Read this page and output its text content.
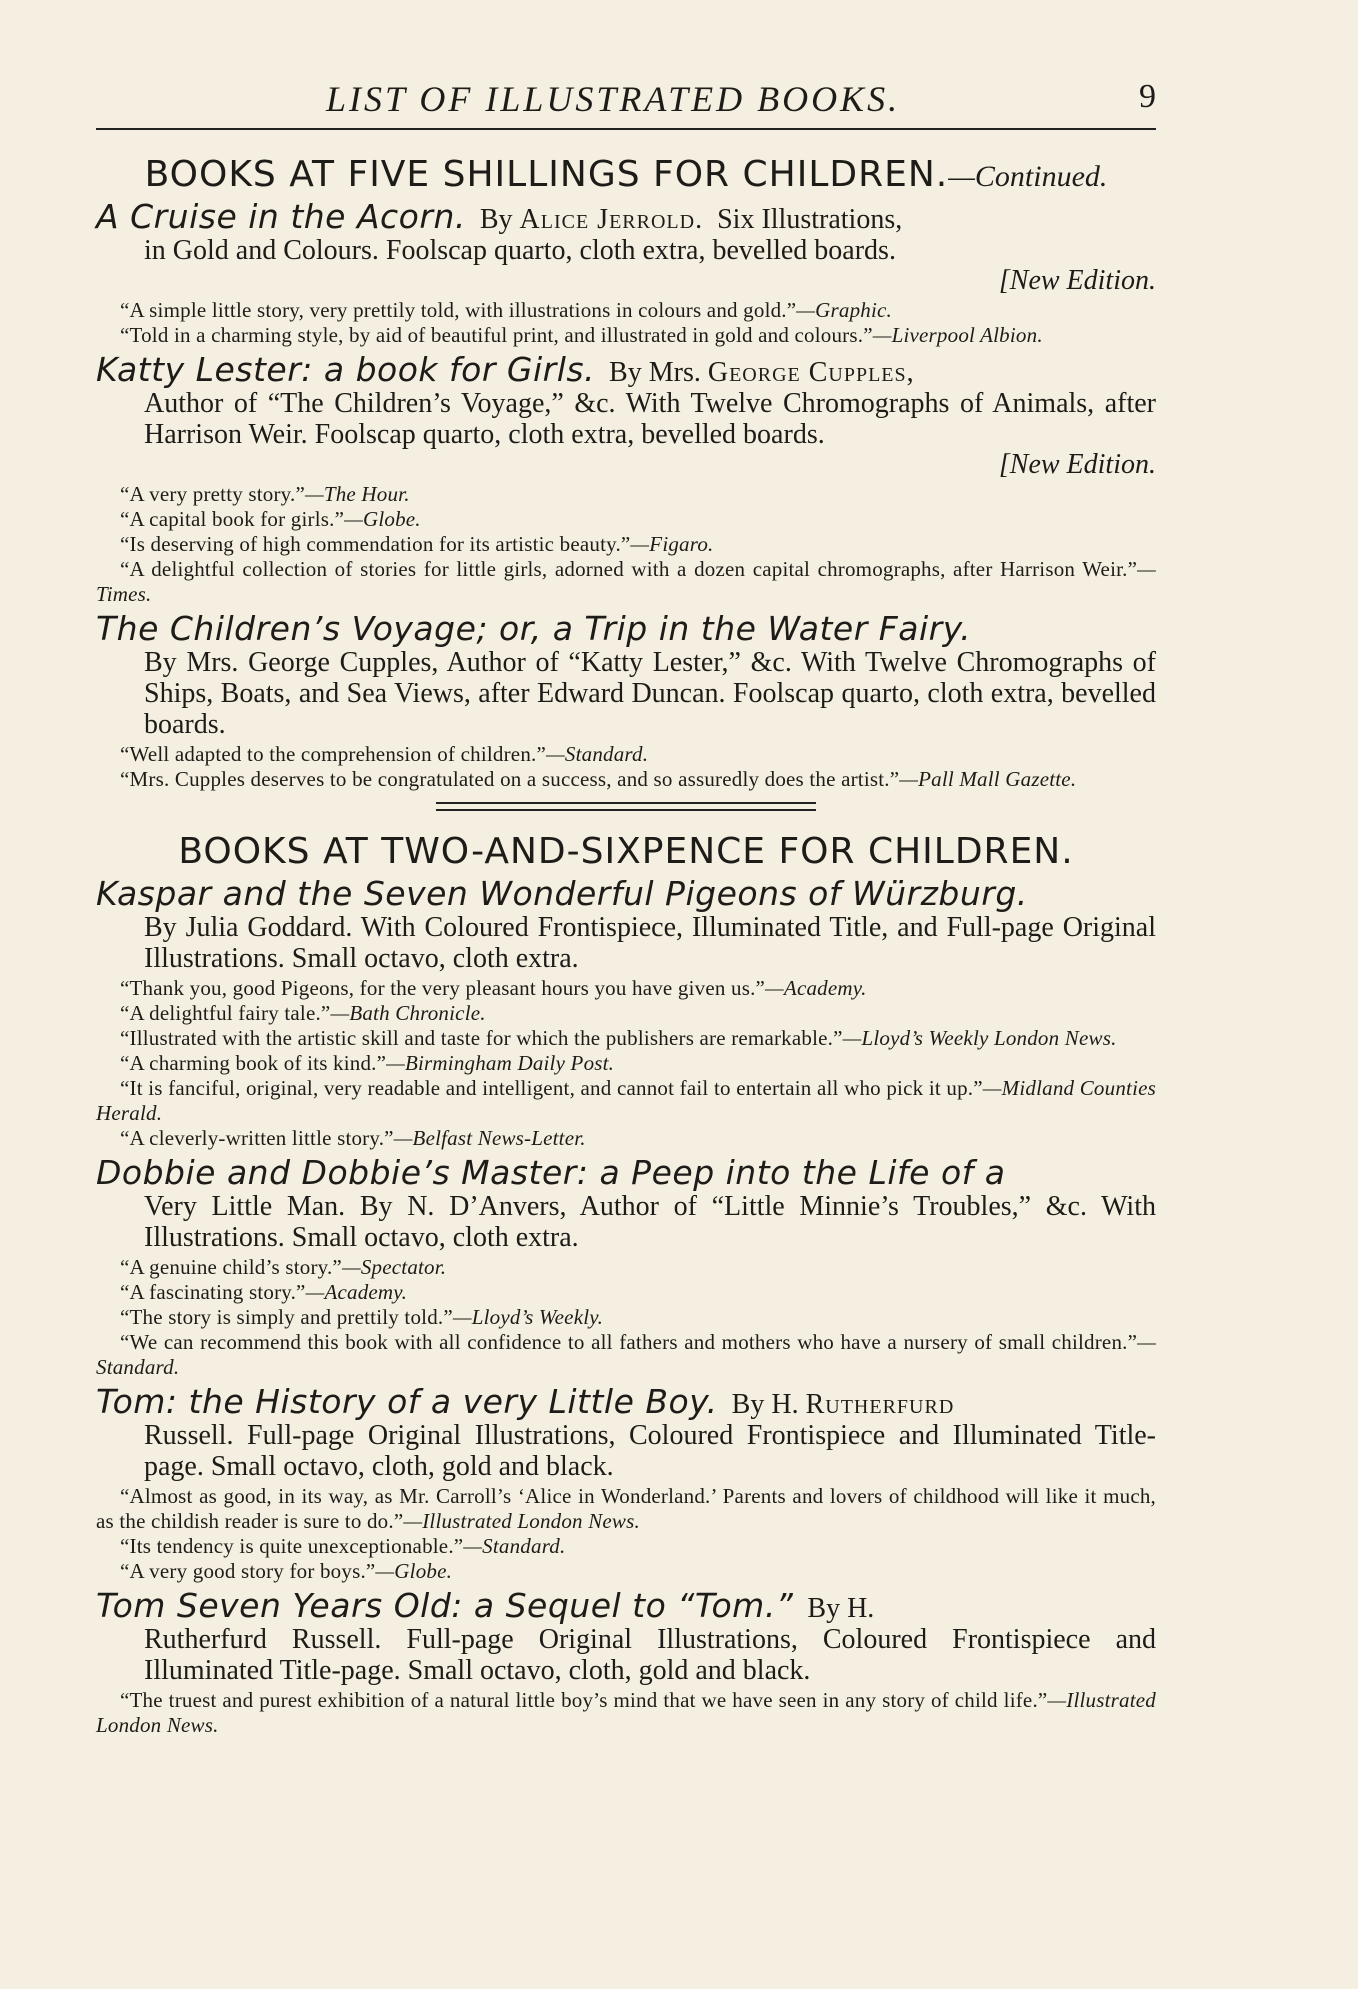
LIST OF ILLUSTRATED BOOKS.	9
BOOKS AT FIVE SHILLINGS FOR CHILDREN.—Continued.
A Cruise in the Acorn. By Alice Jerrold. Six Illustrations,
in Gold and Colours. Foolscap quarto, cloth extra, bevelled boards.
[New Edition.

“A simple little story, very prettily told, with illustrations in colours and gold.”—Graphic.

“Told in a charming style, by aid of beautiful print, and illustrated in gold and colours.”—Liverpool Albion.

Katty Lester: a book for Girls. By Mrs. George Cupples,
Author of “The Children’s Voyage,” &c. With Twelve Chromographs of Animals, after Harrison Weir. Foolscap quarto, cloth extra, bevelled boards.
[New Edition.

“A very pretty story.”—The Hour.

“A capital book for girls.”—Globe.

“Is deserving of high commendation for its artistic beauty.”—Figaro.

“A delightful collection of stories for little girls, adorned with a dozen capital chromographs, after Harrison Weir.”—Times.

The Children’s Voyage; or, a Trip in the Water Fairy.
By Mrs. George Cupples, Author of “Katty Lester,” &c. With Twelve Chromographs of Ships, Boats, and Sea Views, after Edward Duncan. Foolscap quarto, cloth extra, bevelled boards.

“Well adapted to the comprehension of children.”—Standard.

“Mrs. Cupples deserves to be congratulated on a success, and so assuredly does the artist.”—Pall Mall Gazette.

BOOKS AT TWO-AND-SIXPENCE FOR CHILDREN.
Kaspar and the Seven Wonderful Pigeons of Würzburg.
By Julia Goddard. With Coloured Frontispiece, Illuminated Title, and Full-page Original Illustrations. Small octavo, cloth extra.

“Thank you, good Pigeons, for the very pleasant hours you have given us.”—Academy.

“A delightful fairy tale.”—Bath Chronicle.

“Illustrated with the artistic skill and taste for which the publishers are remarkable.”—Lloyd’s Weekly London News.

“A charming book of its kind.”—Birmingham Daily Post.

“It is fanciful, original, very readable and intelligent, and cannot fail to entertain all who pick it up.”—Midland Counties Herald.

“A cleverly-written little story.”—Belfast News-Letter.

Dobbie and Dobbie’s Master: a Peep into the Life of a
Very Little Man. By N. D’Anvers, Author of “Little Minnie’s Troubles,” &c. With Illustrations. Small octavo, cloth extra.

“A genuine child’s story.”—Spectator.

“A fascinating story.”—Academy.

“The story is simply and prettily told.”—Lloyd’s Weekly.

“We can recommend this book with all confidence to all fathers and mothers who have a nursery of small children.”—Standard.

Tom: the History of a very Little Boy. By H. Rutherfurd
Russell. Full-page Original Illustrations, Coloured Frontispiece and Illuminated Title-page. Small octavo, cloth, gold and black.

“Almost as good, in its way, as Mr. Carroll’s ‘Alice in Wonderland.’ Parents and lovers of childhood will like it much, as the childish reader is sure to do.”—Illustrated London News.

“Its tendency is quite unexceptionable.”—Standard.

“A very good story for boys.”—Globe.

Tom Seven Years Old: a Sequel to “Tom.” By H.
Rutherfurd Russell. Full-page Original Illustrations, Coloured Frontispiece and Illuminated Title-page. Small octavo, cloth, gold and black.

“The truest and purest exhibition of a natural little boy’s mind that we have seen in any story of child life.”—Illustrated London News.
